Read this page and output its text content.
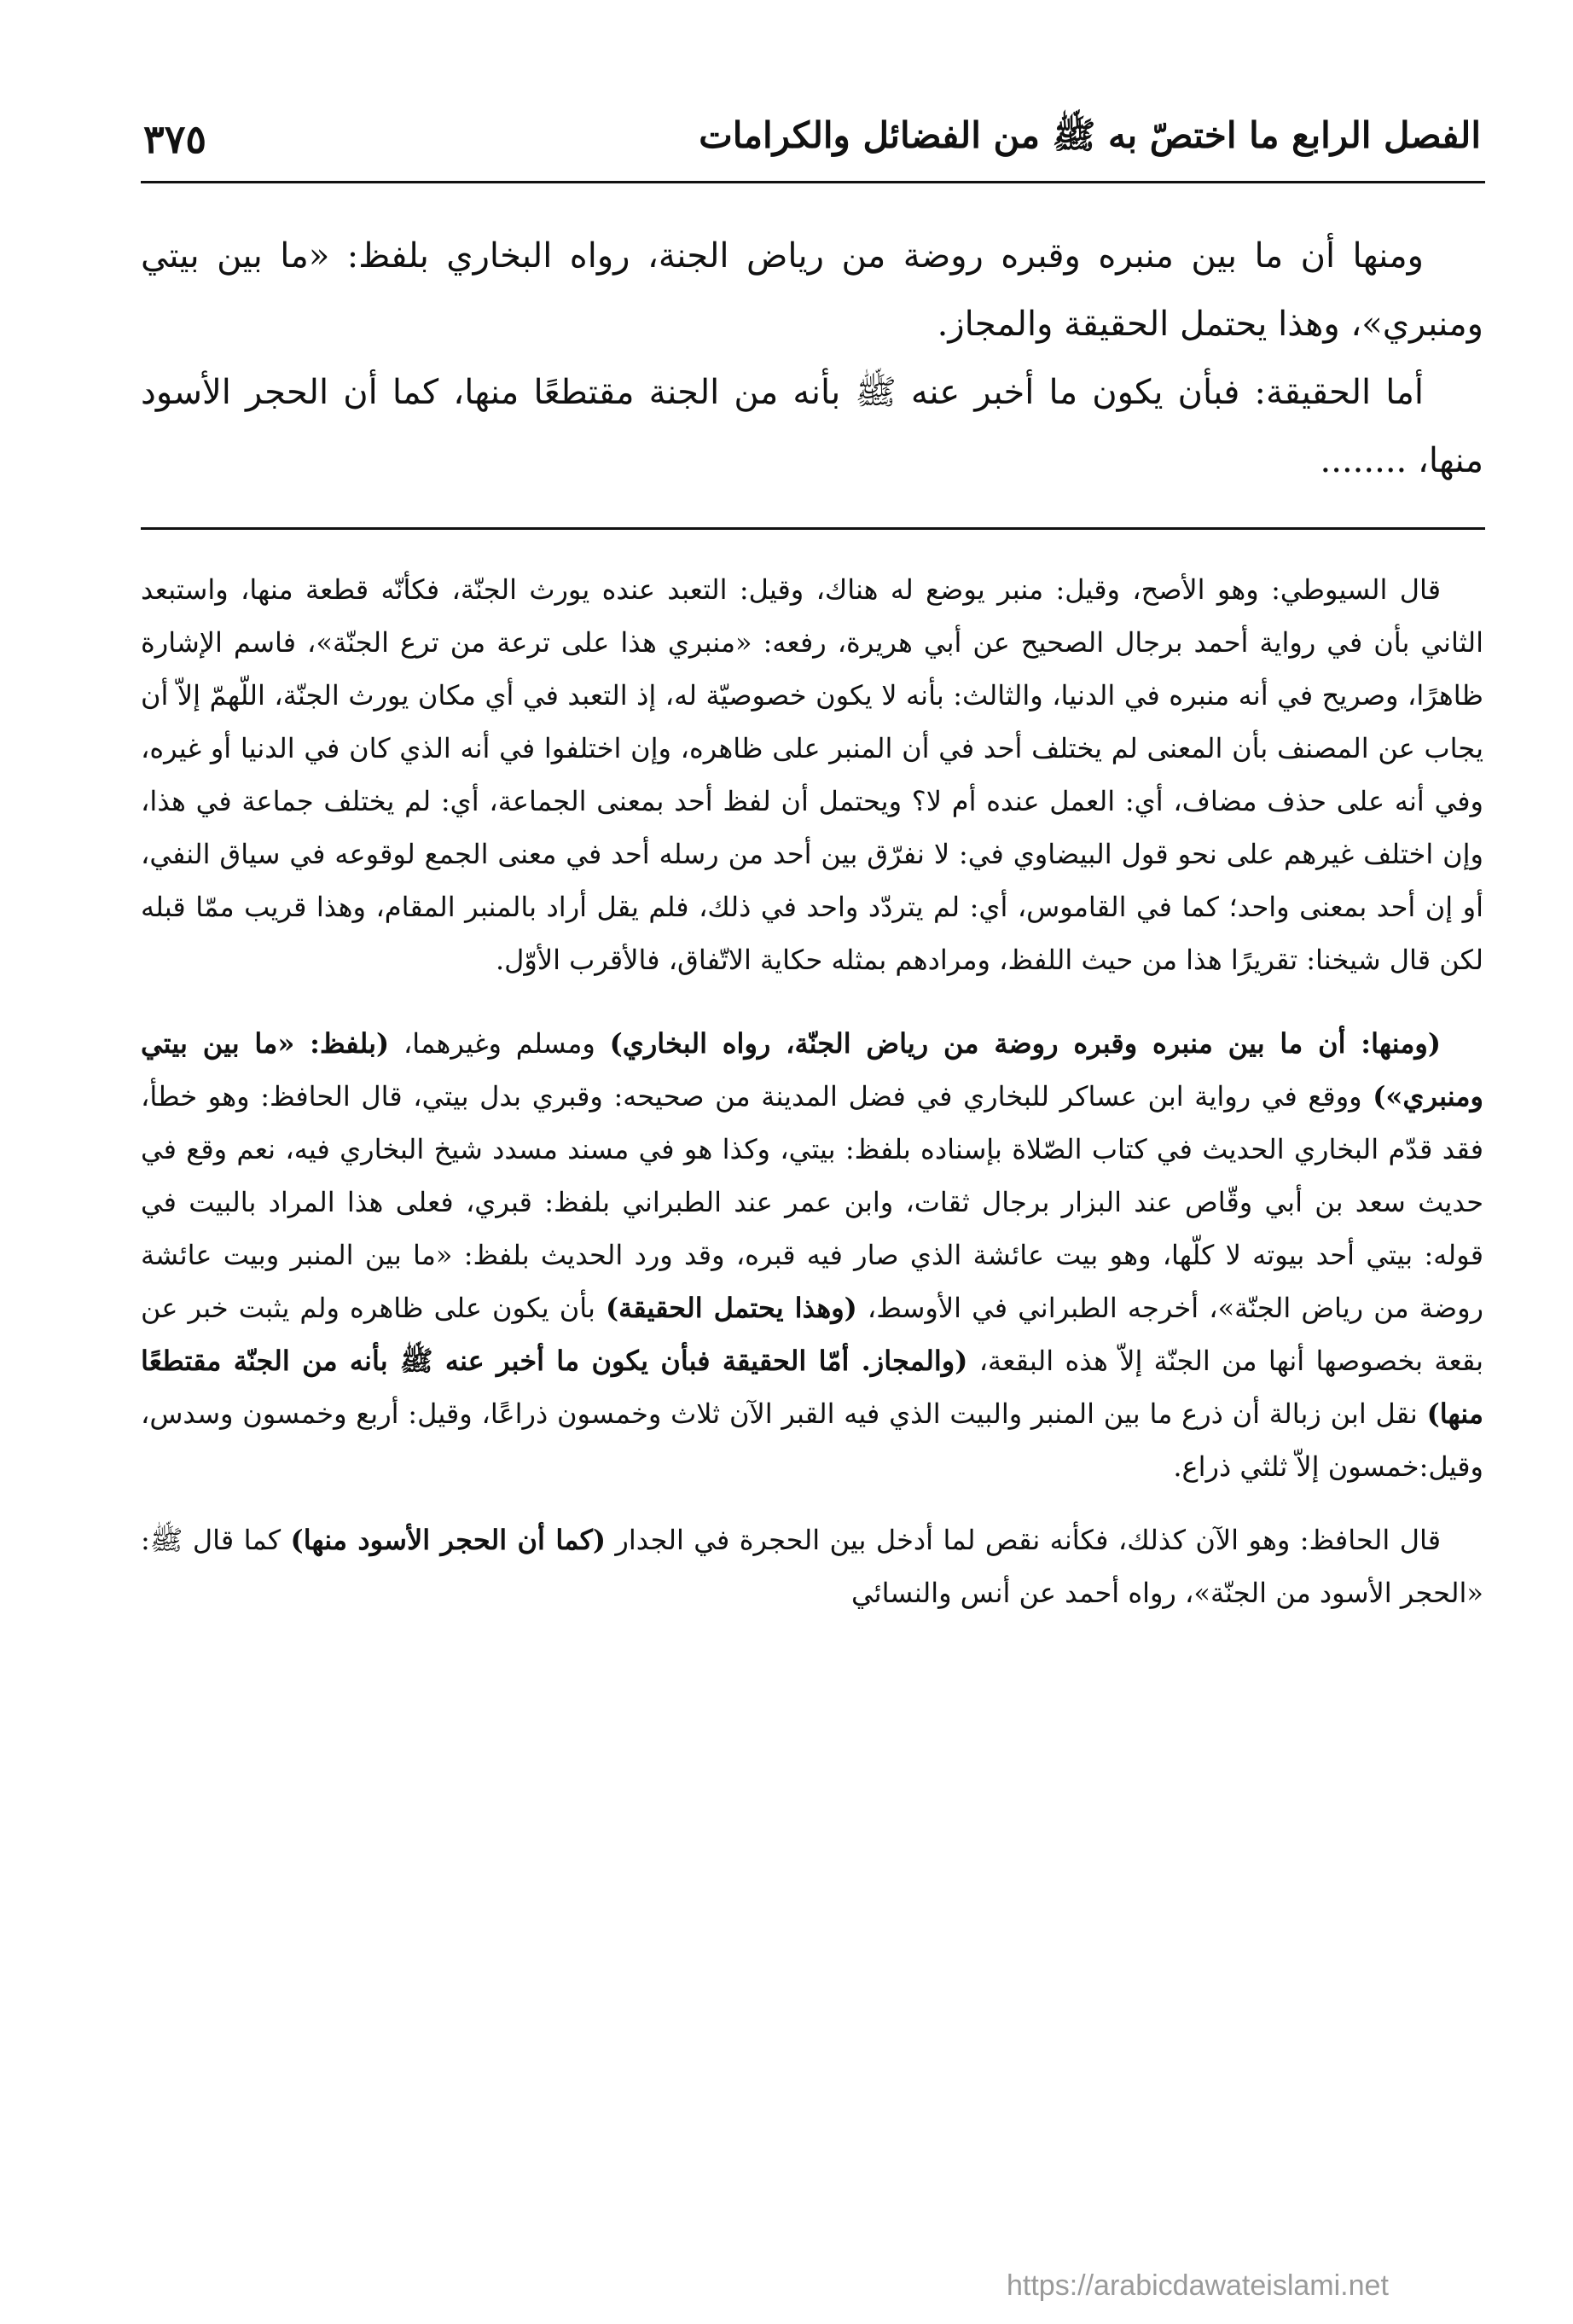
الفصل الرابع ما اختصّ به ﷺ من الفضائل والكرامات
٣٧٥

ومنها أن ما بين منبره وقبره روضة من رياض الجنة، رواه البخاري بلفظ: «ما بين بيتي ومنبري»، وهذا يحتمل الحقيقة والمجاز.

أما الحقيقة: فبأن يكون ما أخبر عنه ﷺ بأنه من الجنة مقتطعًا منها، كما أن الحجر الأسود منها، ........

قال السيوطي: وهو الأصح، وقيل: منبر يوضع له هناك، وقيل: التعبد عنده يورث الجنّة، فكأنّه قطعة منها، واستبعد الثاني بأن في رواية أحمد برجال الصحيح عن أبي هريرة، رفعه: «منبري هذا على ترعة من ترع الجنّة»، فاسم الإشارة ظاهرًا، وصريح في أنه منبره في الدنيا، والثالث: بأنه لا يكون خصوصيّة له، إذ التعبد في أي مكان يورث الجنّة، اللّهمّ إلاّ أن يجاب عن المصنف بأن المعنى لم يختلف أحد في أن المنبر على ظاهره، وإن اختلفوا في أنه الذي كان في الدنيا أو غيره، وفي أنه على حذف مضاف، أي: العمل عنده أم لا؟ ويحتمل أن لفظ أحد بمعنى الجماعة، أي: لم يختلف جماعة في هذا، وإن اختلف غيرهم على نحو قول البيضاوي في: لا نفرّق بين أحد من رسله أحد في معنى الجمع لوقوعه في سياق النفي، أو إن أحد بمعنى واحد؛ كما في القاموس، أي: لم يتردّد واحد في ذلك، فلم يقل أراد بالمنبر المقام، وهذا قريب ممّا قبله لكن قال شيخنا: تقريرًا هذا من حيث اللفظ، ومرادهم بمثله حكاية الاتّفاق، فالأقرب الأوّل.

(ومنها: أن ما بين منبره وقبره روضة من رياض الجنّة، رواه البخاري) ومسلم وغيرهما، (بلفظ: «ما بين بيتي ومنبري») ووقع في رواية ابن عساكر للبخاري في فضل المدينة من صحيحه: وقبري بدل بيتي، قال الحافظ: وهو خطأ، فقد قدّم البخاري الحديث في كتاب الصّلاة بإسناده بلفظ: بيتي، وكذا هو في مسند مسدد شيخ البخاري فيه، نعم وقع في حديث سعد بن أبي وقّاص عند البزار برجال ثقات، وابن عمر عند الطبراني بلفظ: قبري، فعلى هذا المراد بالبيت في قوله: بيتي أحد بيوته لا كلّها، وهو بيت عائشة الذي صار فيه قبره، وقد ورد الحديث بلفظ: «ما بين المنبر وبيت عائشة روضة من رياض الجنّة»، أخرجه الطبراني في الأوسط، (وهذا يحتمل الحقيقة) بأن يكون على ظاهره ولم يثبت خبر عن بقعة بخصوصها أنها من الجنّة إلاّ هذه البقعة، (والمجاز. أمّا الحقيقة فبأن يكون ما أخبر عنه ﷺ بأنه من الجنّة مقتطعًا منها) نقل ابن زبالة أن ذرع ما بين المنبر والبيت الذي فيه القبر الآن ثلاث وخمسون ذراعًا، وقيل: أربع وخمسون وسدس، وقيل:خمسون إلاّ ثلثي ذراع.

قال الحافظ: وهو الآن كذلك، فكأنه نقص لما أدخل بين الحجرة في الجدار (كما أن الحجر الأسود منها) كما قال ﷺ: «الحجر الأسود من الجنّة»، رواه أحمد عن أنس والنسائي

https://arabicdawateislami.net
